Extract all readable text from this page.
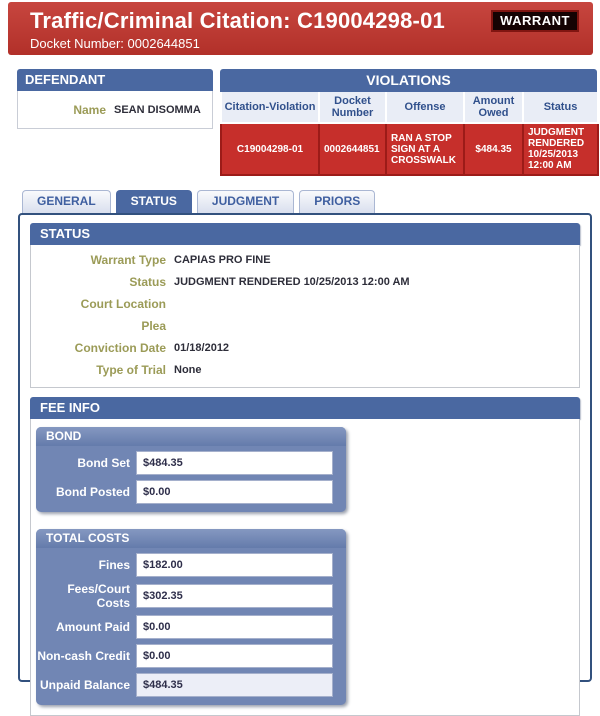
Traffic/Criminal Citation: C19004298-01
Docket Number: 0002644851
WARRANT
DEFENDANT
Name SEAN DISOMMA
VIOLATIONS
Citation-Violation	Docket Number	Offense	Amount Owed	Status
C19004298-01	0002644851	RAN A STOP SIGN AT A CROSSWALK	$484.35	JUDGMENT RENDERED 10/25/2013 12:00 AM
GENERAL	STATUS	JUDGMENT	PRIORS
STATUS
Warrant Type CAPIAS PRO FINE
Status JUDGMENT RENDERED 10/25/2013 12:00 AM
Court Location
Plea
Conviction Date 01/18/2012
Type of Trial None
FEE INFO
BOND
Bond Set	$484.35
Bond Posted	$0.00
TOTAL COSTS
Fines	$182.00
Fees/Court Costs	$302.35
Amount Paid	$0.00
Non-cash Credit	$0.00
Unpaid Balance	$484.35
